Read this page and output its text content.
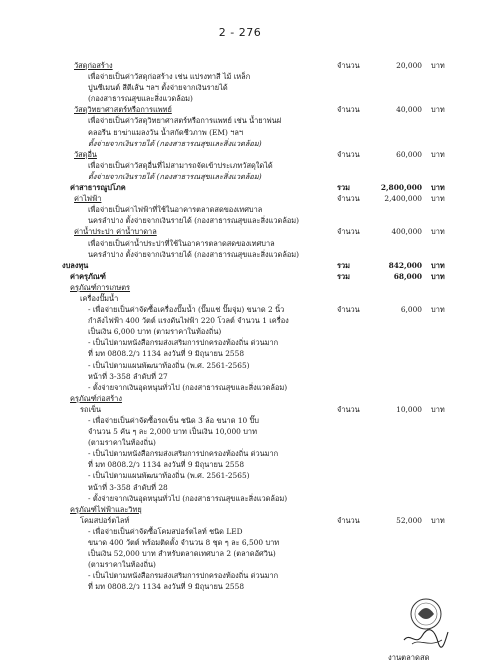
2 - 276
วัสดุก่อสร้าง	จำนวน	20,000 บาท
เพื่อจ่ายเป็นค่าวัสดุก่อสร้าง เช่น แปรงทาสี ไม้ เหล็ก
ปูนซีเมนต์ สีตีเส้น ฯลฯ ตั้งจ่ายจากเงินรายได้
(กองสาธารณสุขและสิ่งแวดล้อม)
วัสดุวิทยาศาสตร์หรือการแพทย์	จำนวน	40,000 บาท
เพื่อจ่ายเป็นค่าวัสดุวิทยาศาสตร์หรือการแพทย์ เช่น น้ำยาพ่นฝ
คลอรีน ยาฆ่าแมลงวัน น้ำสกัดชีวภาพ (EM) ฯลฯ
ตั้งจ่ายจากเงินรายได้ (กองสาธารณสุขและสิ่งแวดล้อม)
วัสดุอื่น	จำนวน	60,000 บาท
เพื่อจ่ายเป็นค่าวัสดุอื่นที่ไม่สามารถจัดเข้าประเภทวัสดุใดได้
ตั้งจ่ายจากเงินรายได้ (กองสาธารณสุขและสิ่งแวดล้อม)
ค่าสาธารณูปโภค	รวม	2,800,000 บาท
ค่าไฟฟ้า	จำนวน	2,400,000 บาท
เพื่อจ่ายเป็นค่าไฟฟ้าที่ใช้ในอาคารตลาดสดของเทศบาล
นครลำปาง ตั้งจ่ายจากเงินรายได้ (กองสาธารณสุขและสิ่งแวดล้อม)
ค่าน้ำประปา ค่าน้ำบาดาล	จำนวน	400,000 บาท
เพื่อจ่ายเป็นค่าน้ำประปาที่ใช้ในอาคารตลาดสดของเทศบาล
นครลำปาง ตั้งจ่ายจากเงินรายได้ (กองสาธารณสุขและสิ่งแวดล้อม)
งบลงทุน	รวม	842,000 บาท
ค่าครุภัณฑ์	รวม	68,000 บาท
ครุภัณฑ์การเกษตร
เครื่องปั๊มน้ำ
- เพื่อจ่ายเป็นค่าจัดซื้อเครื่องปั๊มน้ำ (ปั๊มแช่ ปั๊มจุ่ม) ขนาด 2 นิ้ว	จำนวน	6,000 บาท
กำลังไฟฟ้า 400 วัตต์ แรงดันไฟฟ้า 220 โวลต์ จำนวน 1 เครื่อง
เป็นเงิน 6,000 บาท (ตามราคาในท้องถิ่น)
- เป็นไปตามหนังสือกรมส่งเสริมการปกครองท้องถิ่น ด่วนมาก
ที่ มท 0808.2/ว 1134 ลงวันที่ 9 มิถุนายน 2558
- เป็นไปตามแผนพัฒนาท้องถิ่น (พ.ศ. 2561-2565)
หน้าที่ 3-358 ลำดับที่ 27
- ตั้งจ่ายจากเงินอุดหนุนทั่วไป (กองสาธารณสุขและสิ่งแวดล้อม)
ครุภัณฑ์ก่อสร้าง
รถเข็น	จำนวน	10,000 บาท
- เพื่อจ่ายเป็นค่าจัดซื้อรถเข็น ชนิด 3 ล้อ ขนาด 10 ปิ๊บ
จำนวน 5 คัน ๆ ละ 2,000 บาท เป็นเงิน 10,000 บาท
(ตามราคาในท้องถิ่น)
- เป็นไปตามหนังสือกรมส่งเสริมการปกครองท้องถิ่น ด่วนมาก
ที่ มท 0808.2/ว 1134 ลงวันที่ 9 มิถุนายน 2558
- เป็นไปตามแผนพัฒนาท้องถิ่น (พ.ศ. 2561-2565)
หน้าที่ 3-358 ลำดับที่ 28
- ตั้งจ่ายจากเงินอุดหนุนทั่วไป (กองสาธารณสุขและสิ่งแวดล้อม)
ครุภัณฑ์ไฟฟ้าและวิทยุ
โคมสปอร์ตไลท์	จำนวน	52,000 บาท
- เพื่อจ่ายเป็นค่าจัดซื้อโคมสปอร์ตไลท์ ชนิด LED
ขนาด 400 วัตต์ พร้อมติดตั้ง จำนวน 8 ชุด ๆ ละ 6,500 บาท
เป็นเงิน 52,000 บาท สำหรับตลาดเทศบาล 2 (ตลาดอัศวิน)
(ตามราคาในท้องถิ่น)
- เป็นไปตามหนังสือกรมส่งเสริมการปกครองท้องถิ่น ด่วนมาก
ที่ มท 0808.2/ว 1134 ลงวันที่ 9 มิถุนายน 2558
งานตลาดสด
